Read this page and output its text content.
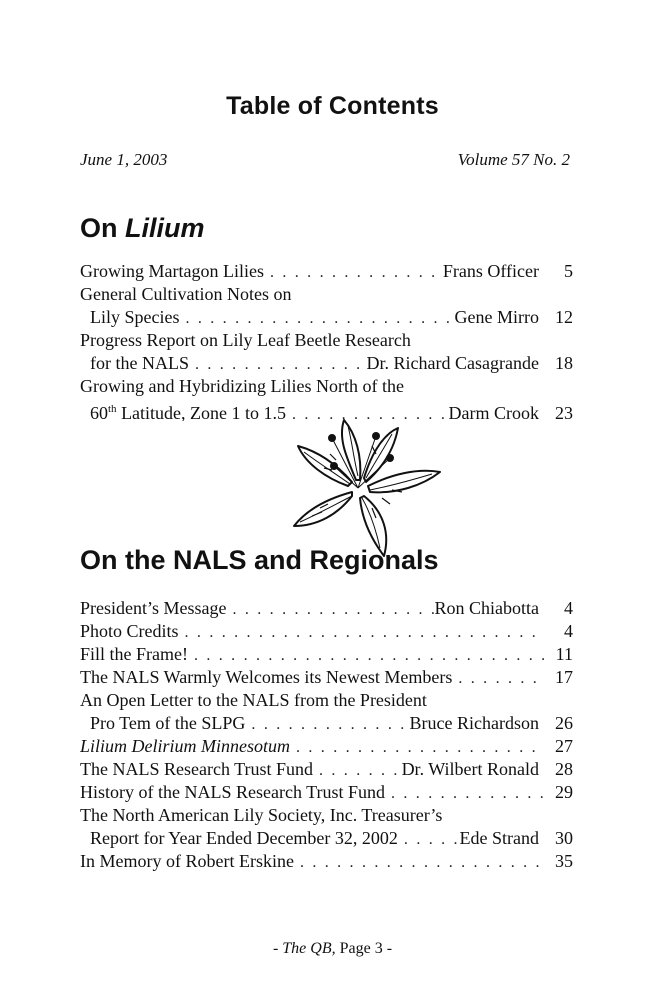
Table of Contents
June 1, 2003	Volume 57 No. 2
On Lilium
Growing Martagon Lilies . . .	Frans Officer	5
General Cultivation Notes on
Lily Species . . .	Gene Mirro 12
Progress Report on Lily Leaf Beetle Research
for the NALS . . .	Dr. Richard Casagrande 18
Growing and Hybridizing Lilies North of the
60th Latitude, Zone 1 to 1.5 . . .	Darm Crook 23
On the NALS and Regionals
President’s Message . . .	Ron Chiabotta	4
Photo Credits . . .	4
Fill the Frame! . . .	11
The NALS Warmly Welcomes its Newest Members . . .	17
An Open Letter to the NALS from the President
Pro Tem of the SLPG . . .	Bruce Richardson 26
Lilium Delirium Minnesotum . . .	27
The NALS Research Trust Fund . . .	Dr. Wilbert Ronald 28
History of the NALS Research Trust Fund . . .	29
The North American Lily Society, Inc. Treasurer’s
Report for Year Ended December 32, 2002 . . .	Ede Strand 30
In Memory of Robert Erskine . . .	35
- The QB, Page 3 -
